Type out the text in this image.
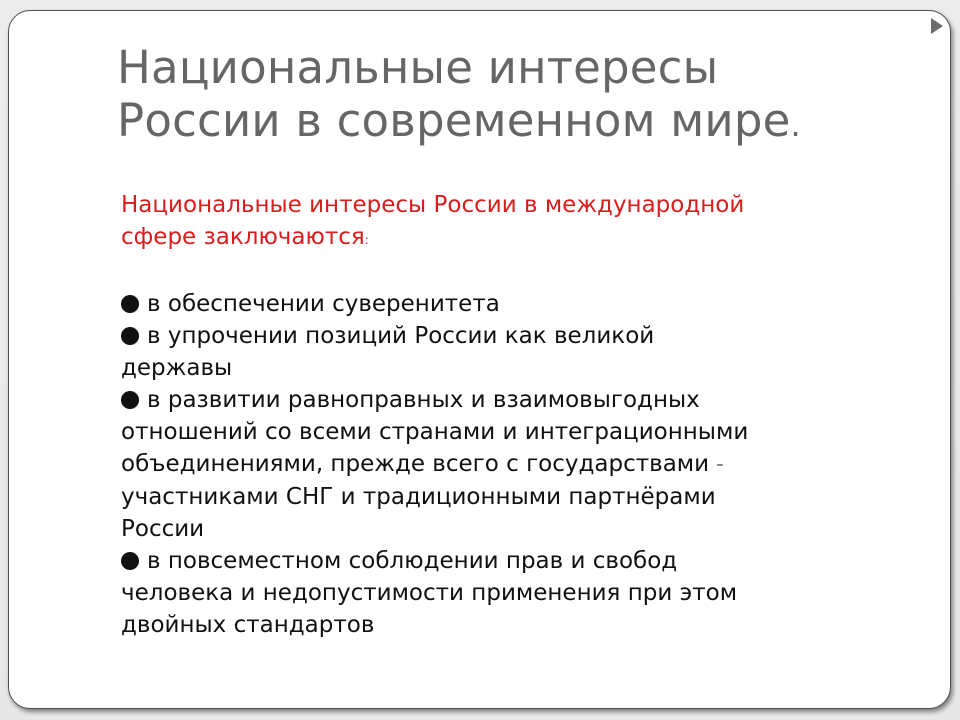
Национальные интересы
России в современном мире.

Национальные интересы России в международной
сфере заключаются:

в обеспечении суверенитета
в упрочении позиций России как великой
державы
в развитии равноправных и взаимовыгодных
отношений со всеми странами и интеграционными
объединениями, прежде всего с государствами –
участниками СНГ и традиционными партнёрами
России
в повсеместном соблюдении прав и свобод
человека и недопустимости применения при этом
двойных стандартов
